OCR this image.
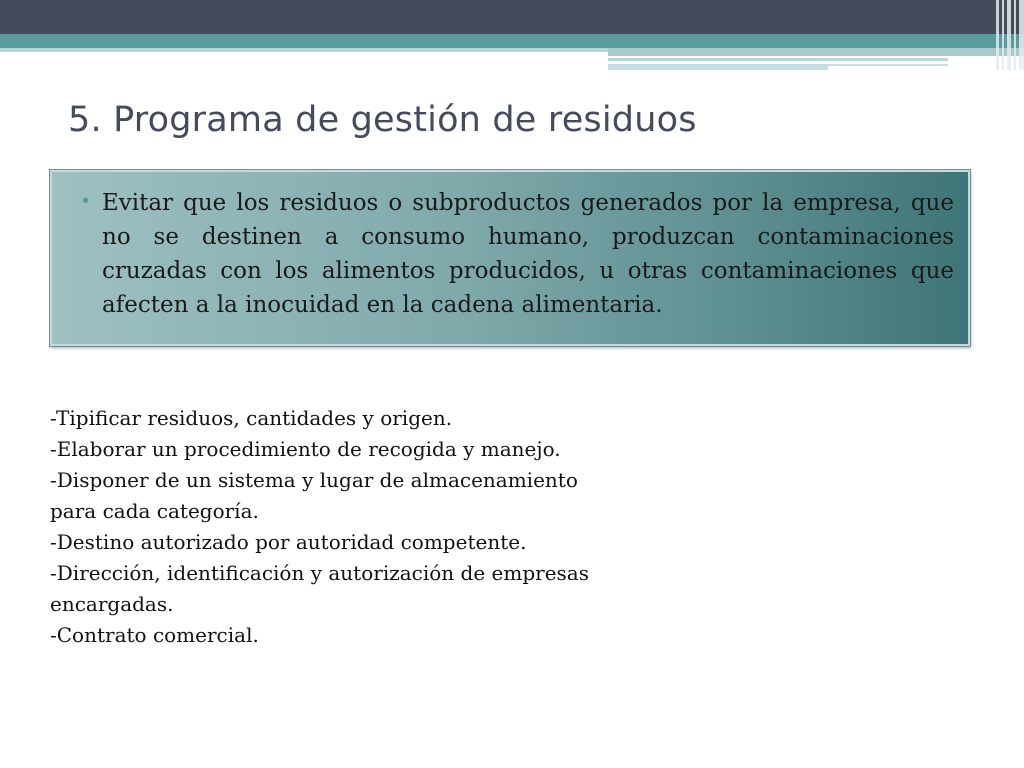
5. Programa de gestión de residuos
• Evitar que los residuos o subproductos generados por la empresa, que no se destinen a consumo humano, produzcan contaminaciones cruzadas con los alimentos producidos, u otras contaminaciones que afecten a la inocuidad en la cadena alimentaria.
-Tipificar residuos, cantidades y origen.
-Elaborar un procedimiento de recogida y manejo.
-Disponer de un sistema y lugar de almacenamiento para cada categoría.
-Destino autorizado por autoridad competente.
-Dirección, identificación y autorización de empresas encargadas.
-Contrato comercial.
